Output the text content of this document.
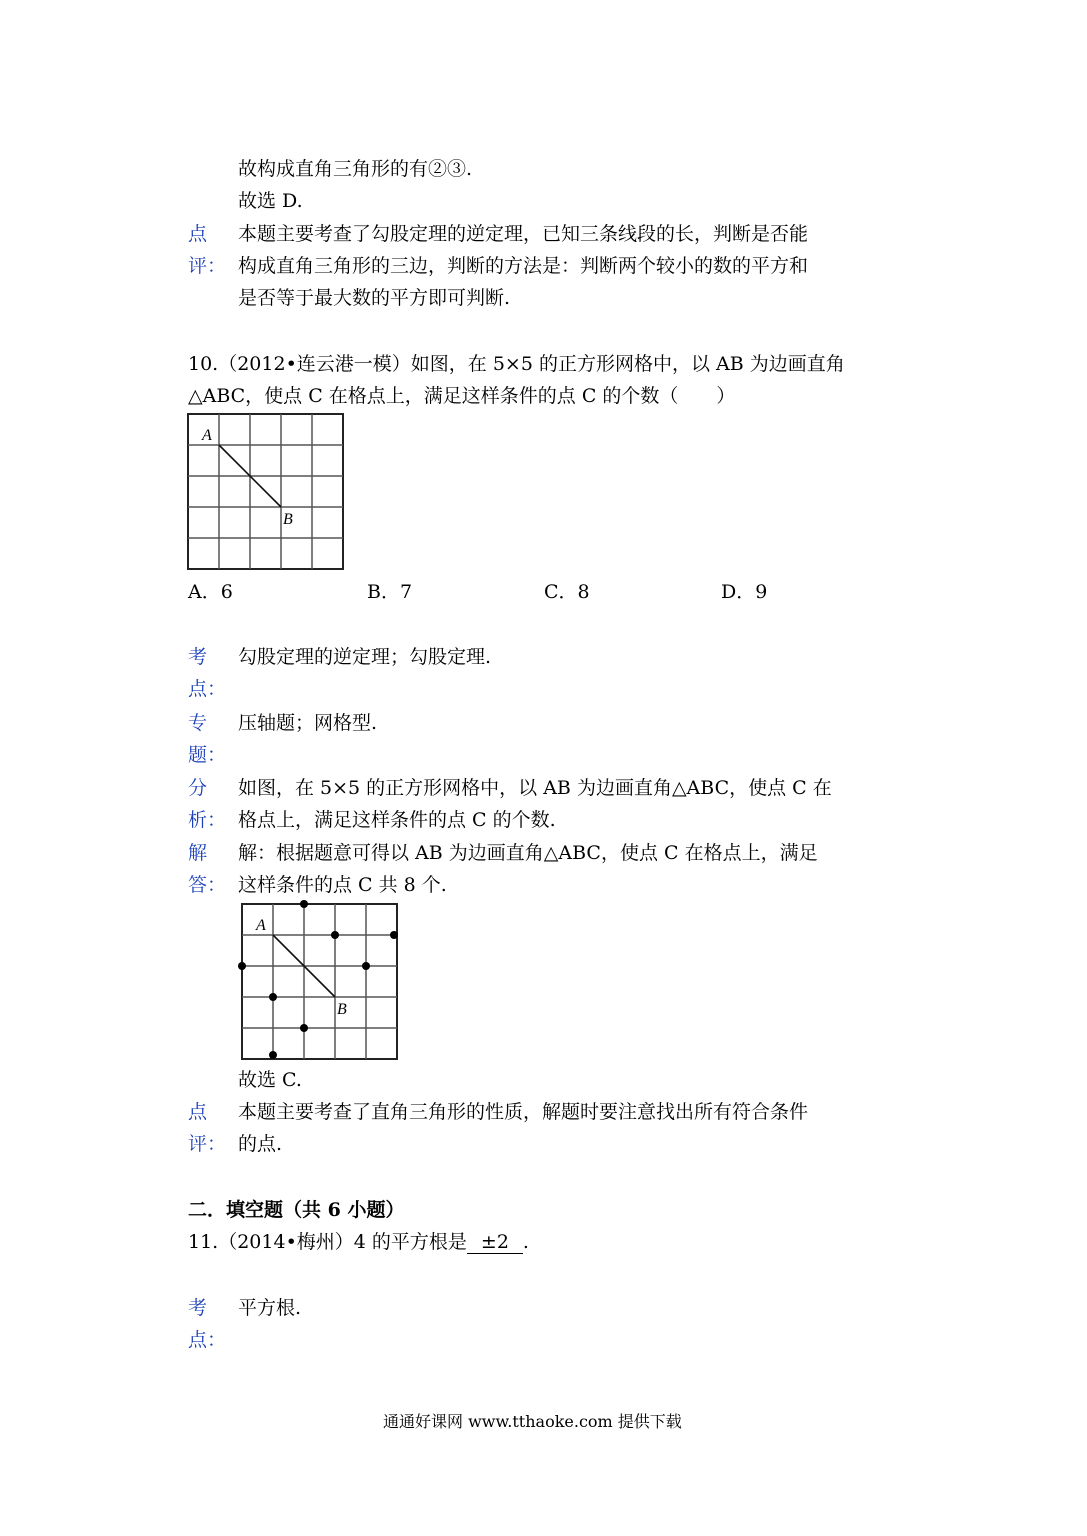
故构成直角三角形的有②③.
故选 D.
点
评：
本题主要考查了勾股定理的逆定理，已知三条线段的长，判断是否能
构成直角三角形的三边，判断的方法是：判断两个较小的数的平方和
是否等于最大数的平方即可判断.
10.（2012•连云港一模）如图，在 5×5 的正方形网格中，以 AB 为边画直角
△ABC，使点 C 在格点上，满足这样条件的点 C 的个数（　　）
A
B
A．6	B．7	C．8	D．9
考
点：
勾股定理的逆定理；勾股定理.
专
题：
压轴题；网格型.
分
析：
如图，在 5×5 的正方形网格中，以 AB 为边画直角△ABC，使点 C 在
格点上，满足这样条件的点 C 的个数.
解
答：
解：根据题意可得以 AB 为边画直角△ABC，使点 C 在格点上，满足
这样条件的点 C 共 8 个.
A
B
故选 C.
点
评：
本题主要考查了直角三角形的性质，解题时要注意找出所有符合条件
的点.
二．填空题（共 6 小题）
11.（2014•梅州）4 的平方根是 ±2 .
考
点：
平方根.
通通好课网 www.tthaoke.com 提供下载
